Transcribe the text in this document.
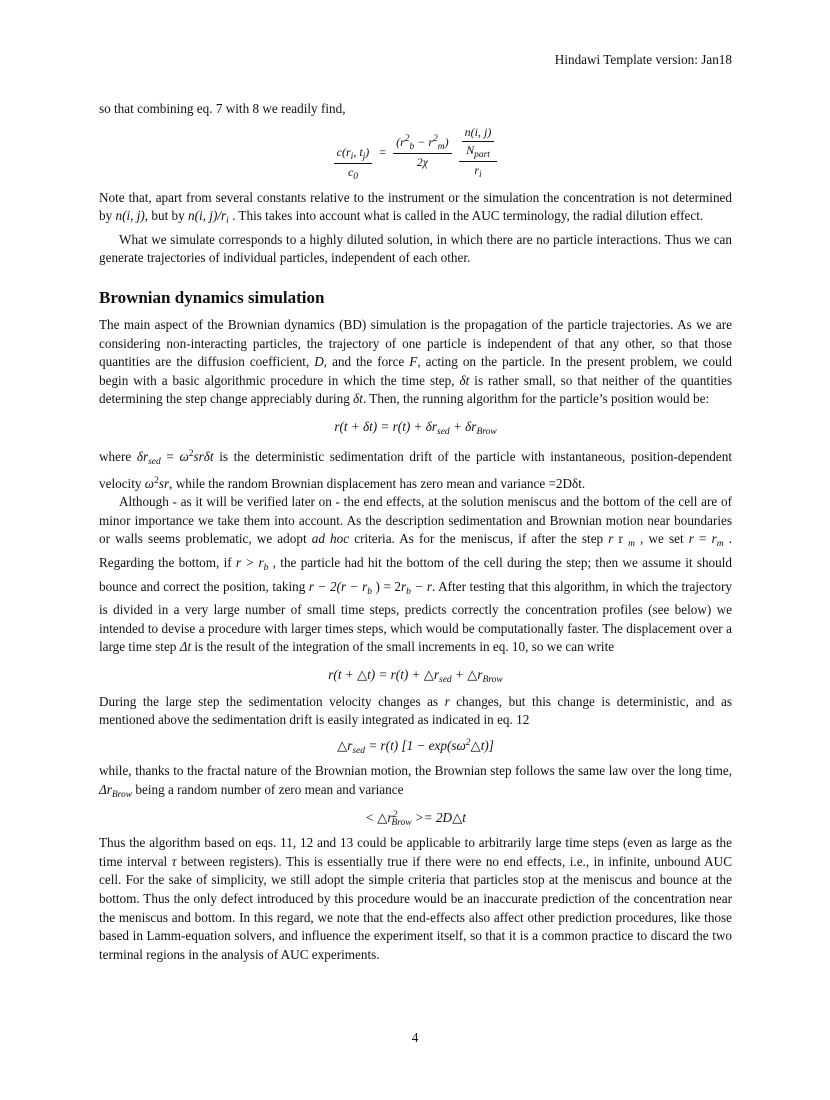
Hindawi Template version: Jan18

so that combining eq. 7 with 8 we readily find,

$\frac{c(r_i, t_j)}{c_0} = \frac{(r^2_b - r^2_m)}{2\chi}$
$\frac{\frac{n(i, j)}{N_{part}}}{r_i}$

Note that, apart from several constants relative to the instrument or the simulation the concentration is not determined by n(i, j), but by n(i, $j)/r_i$ . This takes into account what is called in the AUC terminology, the radial dilution effect.

What we simulate corresponds to a highly diluted solution, in which there are no particle interactions. Thus we can generate trajectories of individual particles, independent of each other.

Brownian dynamics simulation

The main aspect of the Brownian dynamics (BD) simulation is the propagation of the particle trajectories. As we are considering non-interacting particles, the trajectory of one particle is independent of that any other, so that those quantities are the diffusion coefficient, D, and the force F, acting on the particle. In the present problem, we could begin with a basic algorithmic procedure in which the time step, δt is rather small, so that neither of the quantities determining the step change appreciably during δt. Then, the running algorithm for the particle’s position would be:

$r(t + \delta t) = r(t) + \delta r_{sed} + \delta r_{Brow}$

where $\delta r_{sed} = \omega^2sr\delta t$ is the deterministic sedimentation drift of the particle with instantaneous, position-dependent velocity $\omega^2sr$, while the random Brownian displacement has zero mean and variance =2Dδt.

Although - as it will be verified later on - the end effects, at the solution meniscus and the bottom of the cell are of minor importance we take them into account. As the description sedimentation and Brownian motion near boundaries or walls seems problematic, we adopt ad hoc criteria. As for the meniscus, if after the step r r $_m$ , we set $r = r_m$ . Regarding the bottom, if $r > r_b$ , the particle had hit the bottom of the cell during the step; then we assume it should bounce and correct the position, taking $r - 2(r - r_b$ ) = $2r_b - r$. After testing that this algorithm, in which the trajectory is divided in a very large number of small time steps, predicts correctly the concentration profiles (see below) we intended to devise a procedure with larger times steps, which would be computationally faster. The displacement over a large time step Δt is the result of the integration of the small increments in eq. 10, so we can write

r(t + △t) = $r(t) + \triangle r_{sed}$ + $\triangle r_{Brow}$

During the large step the sedimentation velocity changes as r changes, but this change is deterministic, and as mentioned above the sedimentation drift is easily integrated as indicated in eq. 12

$\triangle r_{sed} = r(t) [1$ − $\exp(s\omega^2\triangle t)$]

while, thanks to the fractal nature of the Brownian motion, the Brownian step follows the same law over the long time, $\Delta r_{Brow}$ being a random number of zero mean and variance

< $\triangle r^2_{Brow}$ >= 2D△t

Thus the algorithm based on eqs. 11, 12 and 13 could be applicable to arbitrarily large time steps (even as large as the time interval τ between registers). This is essentially true if there were no end effects, i.e., in infinite, unbound AUC cell. For the sake of simplicity, we still adopt the simple criteria that particles stop at the meniscus and bounce at the bottom. Thus the only defect introduced by this procedure would be an inaccurate prediction of the concentration near the meniscus and bottom. In this regard, we note that the end-effects also affect other prediction procedures, like those based in Lamm-equation solvers, and influence the experiment itself, so that it is a common practice to discard the two terminal regions in the analysis of AUC experiments.

4
